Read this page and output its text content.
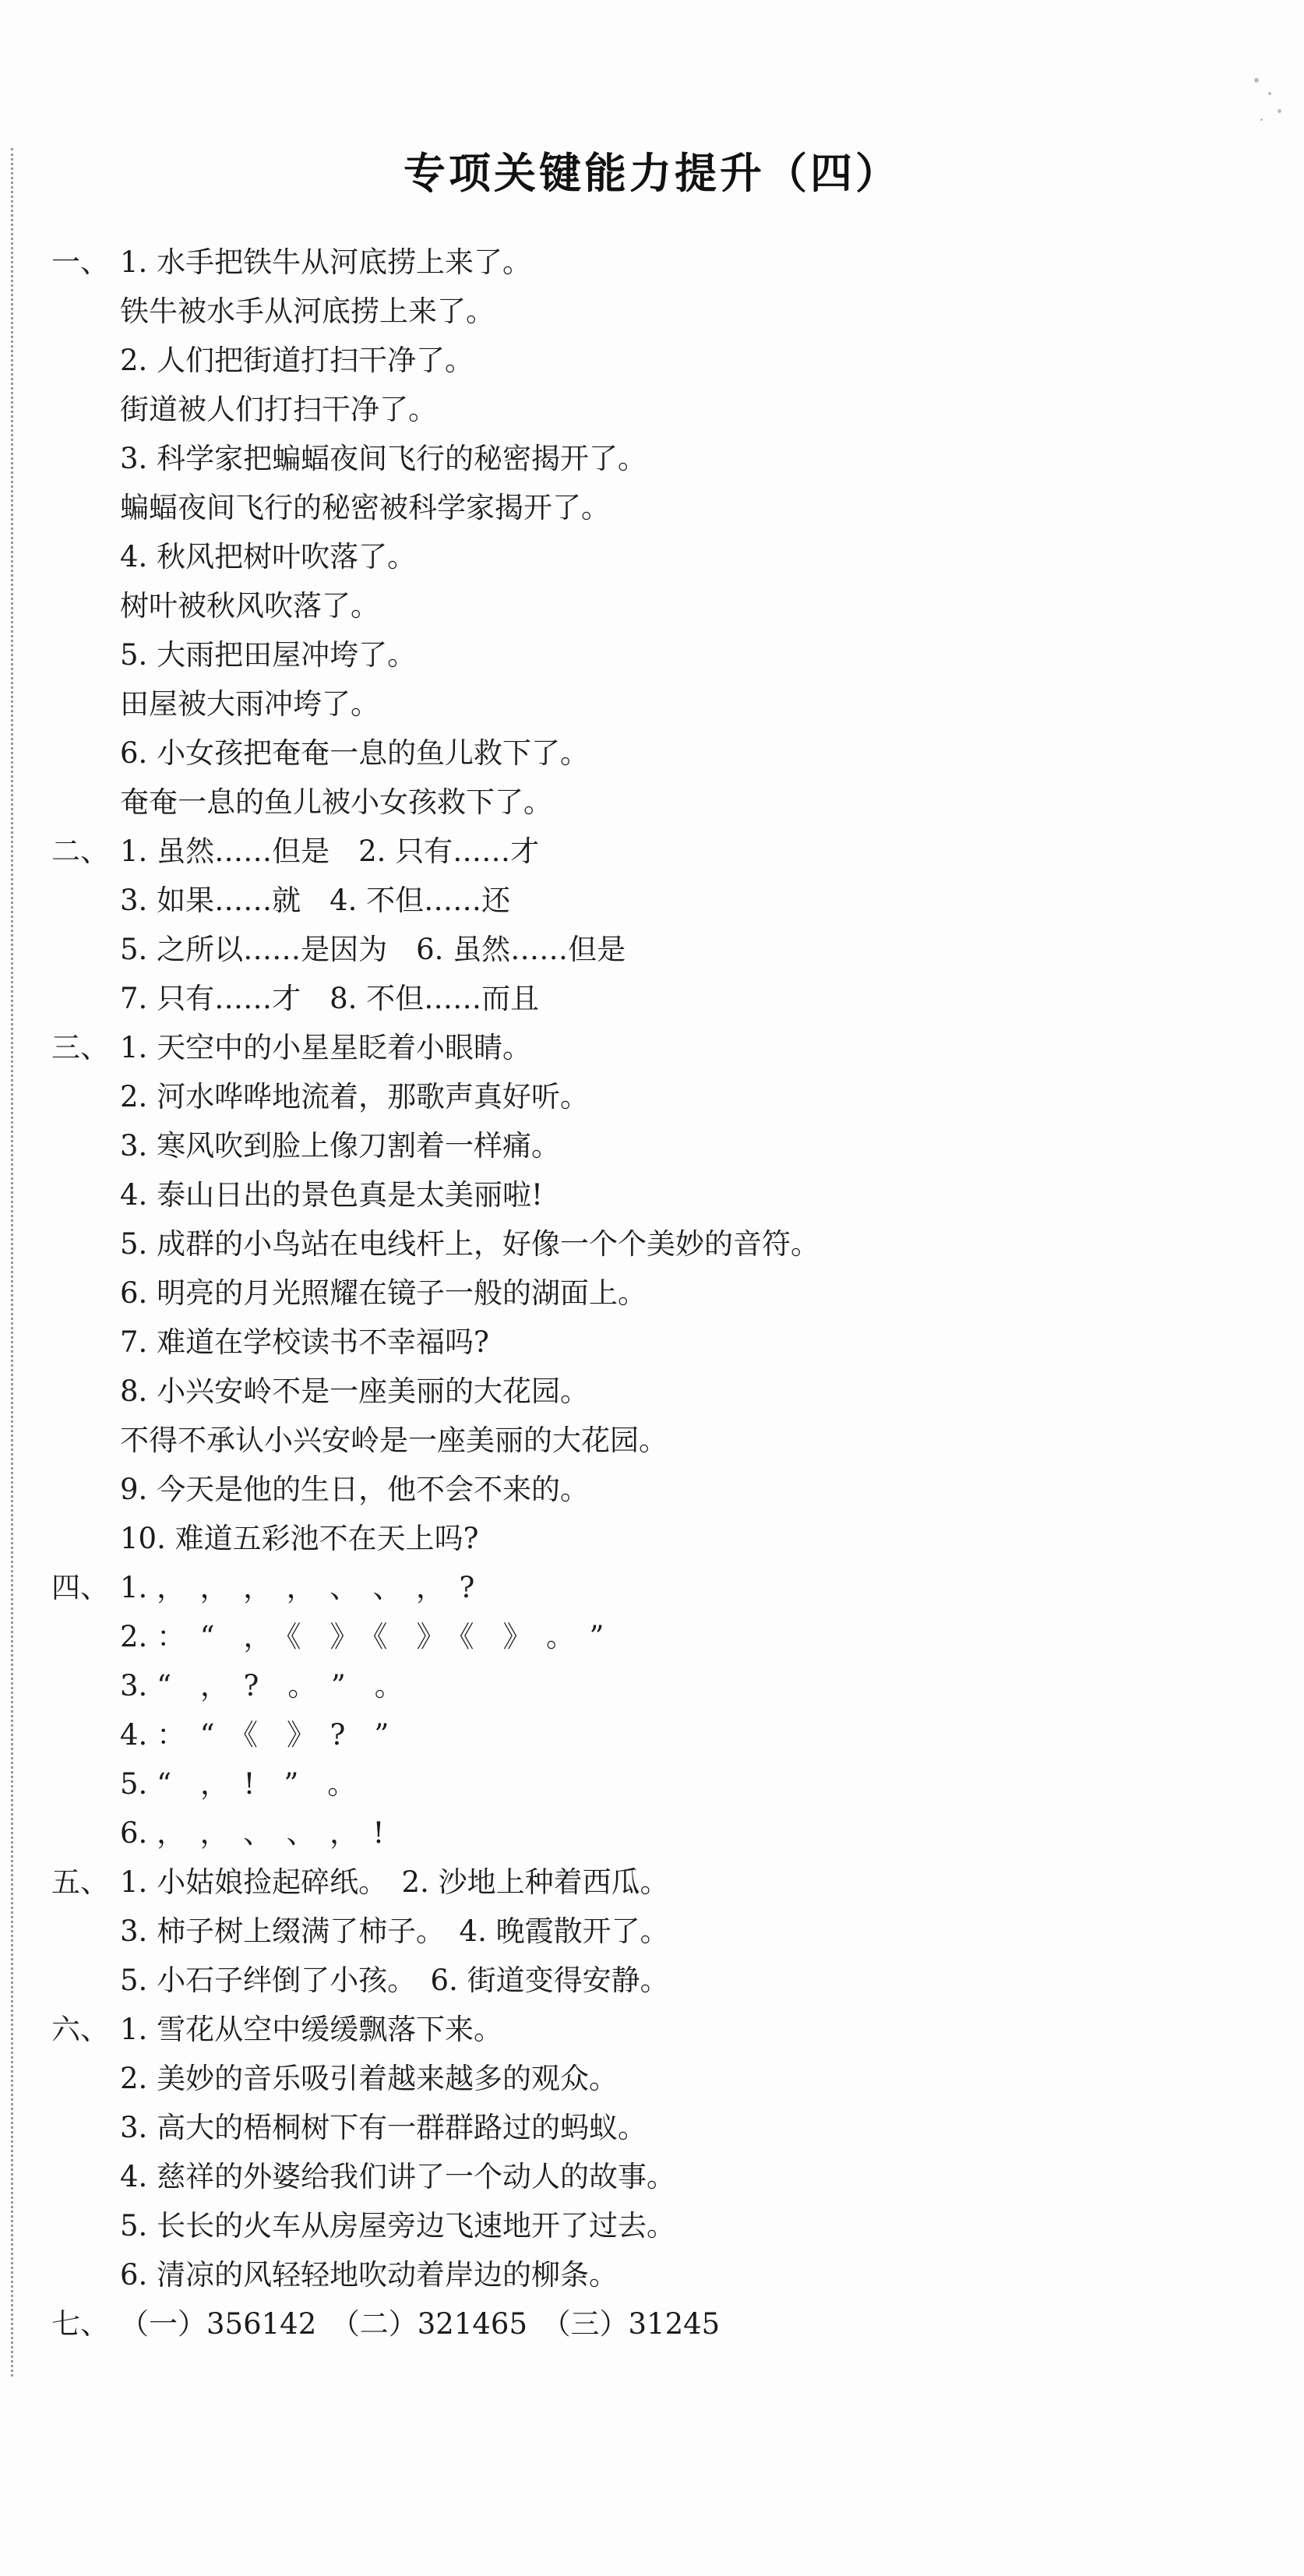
专项关键能力提升（四）
一、 1. 水手把铁牛从河底捞上来了。
铁牛被水手从河底捞上来了。
2. 人们把街道打扫干净了。
街道被人们打扫干净了。
3. 科学家把蝙蝠夜间飞行的秘密揭开了。
蝙蝠夜间飞行的秘密被科学家揭开了。
4. 秋风把树叶吹落了。
树叶被秋风吹落了。
5. 大雨把田屋冲垮了。
田屋被大雨冲垮了。
6. 小女孩把奄奄一息的鱼儿救下了。
奄奄一息的鱼儿被小女孩救下了。
二、 1. 虽然……但是　2. 只有……才
3. 如果……就　4. 不但……还
5. 之所以……是因为　6. 虽然……但是
7. 只有……才　8. 不但……而且
三、 1. 天空中的小星星眨着小眼睛。
2. 河水哗哗地流着，那歌声真好听。
3. 寒风吹到脸上像刀割着一样痛。
4. 泰山日出的景色真是太美丽啦!
5. 成群的小鸟站在电线杆上，好像一个个美妙的音符。
6. 明亮的月光照耀在镜子一般的湖面上。
7. 难道在学校读书不幸福吗?
8. 小兴安岭不是一座美丽的大花园。
不得不承认小兴安岭是一座美丽的大花园。
9. 今天是他的生日，他不会不来的。
10. 难道五彩池不在天上吗?
四、 1. ，　，　，　，　、　、　，　?
2. ：　“　，　《　》　《　》　《　》　。　”
3. “　，　?　。　”　。
4. ：　“　《　》　?　”
5. “　，　!　”　。
6. ，　，　、　、　，　!
五、 1. 小姑娘捡起碎纸。　2. 沙地上种着西瓜。
3. 柿子树上缀满了柿子。　4. 晚霞散开了。
5. 小石子绊倒了小孩。　6. 街道变得安静。
六、 1. 雪花从空中缓缓飘落下来。
2. 美妙的音乐吸引着越来越多的观众。
3. 高大的梧桐树下有一群群路过的蚂蚁。
4. 慈祥的外婆给我们讲了一个动人的故事。
5. 长长的火车从房屋旁边飞速地开了过去。
6. 清凉的风轻轻地吹动着岸边的柳条。
七、 （一）356142　（二）321465　（三）31245
